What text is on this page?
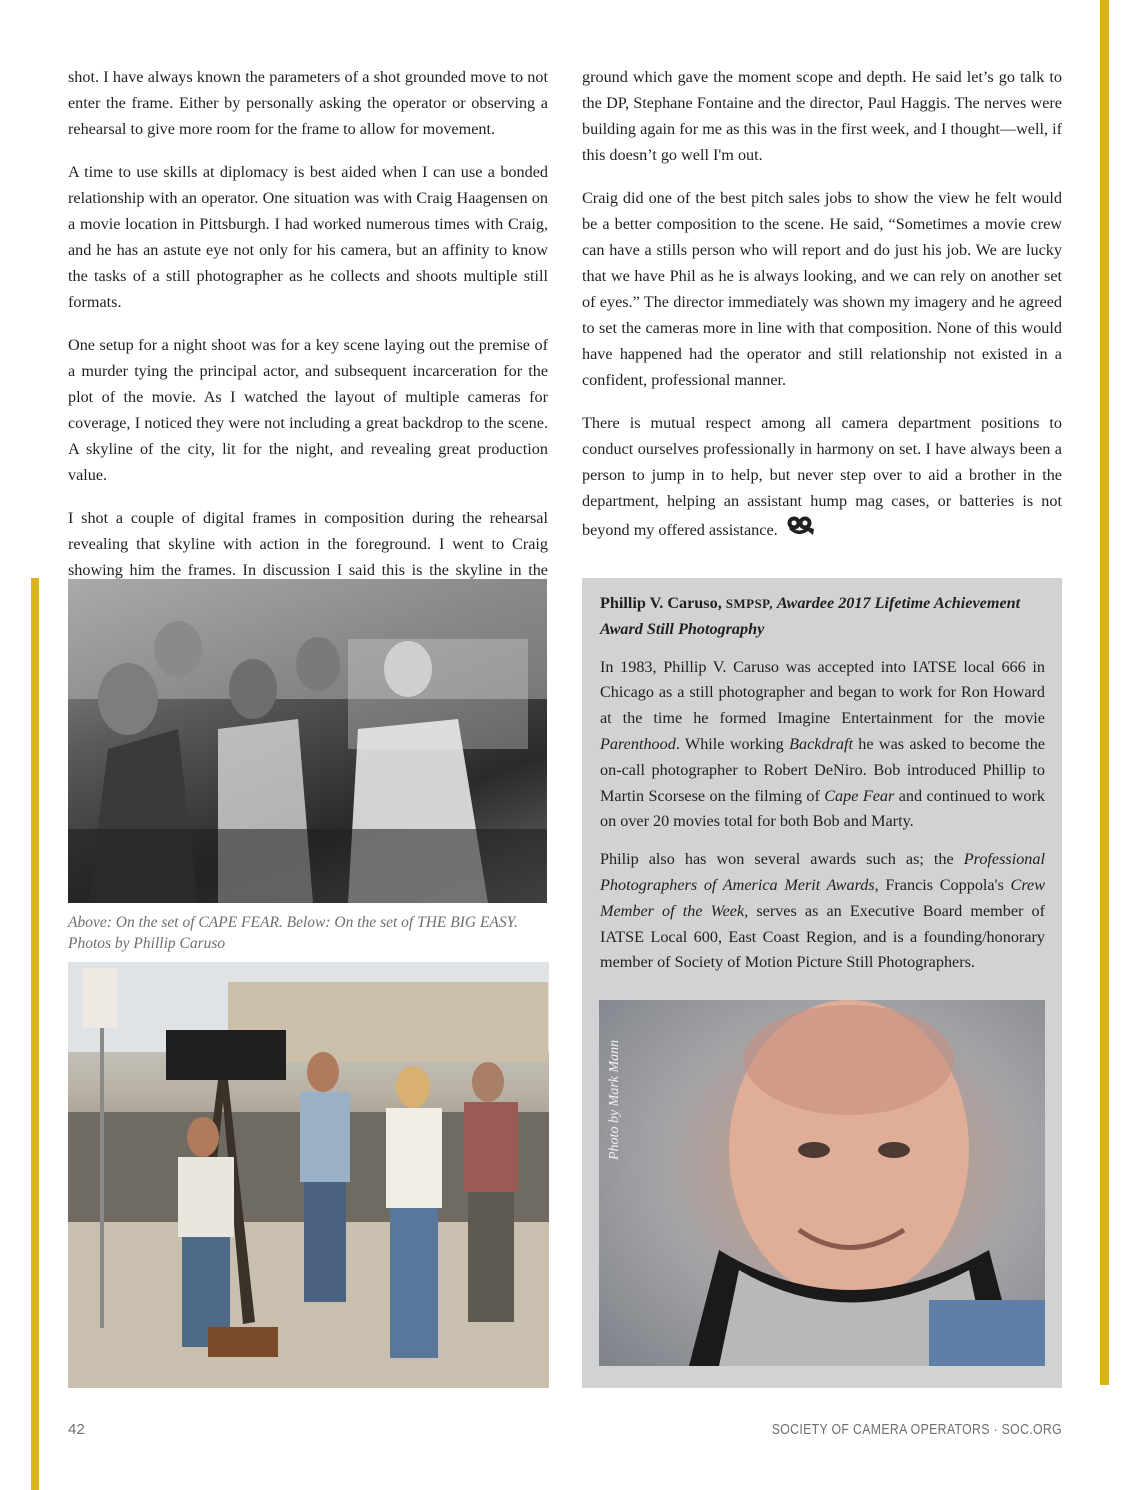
shot. I have always known the parameters of a shot grounded move to not enter the frame. Either by personally asking the operator or observing a rehearsal to give more room for the frame to allow for movement.

A time to use skills at diplomacy is best aided when I can use a bonded relationship with an operator. One situation was with Craig Haagensen on a movie location in Pittsburgh. I had worked numerous times with Craig, and he has an astute eye not only for his camera, but an affinity to know the tasks of a still photographer as he collects and shoots multiple still formats.

One setup for a night shoot was for a key scene laying out the premise of a murder tying the principal actor, and subsequent incarceration for the plot of the movie. As I watched the layout of multiple cameras for coverage, I noticed they were not including a great backdrop to the scene. A skyline of the city, lit for the night, and revealing great production value.

I shot a couple of digital frames in composition during the rehearsal revealing that skyline with action in the foreground. I went to Craig showing him the frames. In discussion I said this is the skyline in the

ground which gave the moment scope and depth. He said let’s go talk to the DP, Stephane Fontaine and the director, Paul Haggis. The nerves were building again for me as this was in the first week, and I thought—well, if this doesn’t go well I'm out.

Craig did one of the best pitch sales jobs to show the view he felt would be a better composition to the scene. He said, “Sometimes a movie crew can have a stills person who will report and do just his job. We are lucky that we have Phil as he is always looking, and we can rely on another set of eyes.” The director immediately was shown my imagery and he agreed to set the cameras more in line with that composition. None of this would have happened had the operator and still relationship not existed in a confident, professional manner.

There is mutual respect among all camera department positions to conduct ourselves professionally in harmony on set. I have always been a person to jump in to help, but never step over to aid a brother in the department, helping an assistant hump mag cases, or batteries is not beyond my offered assistance.

Above: On the set of CAPE FEAR. Below: On the set of THE BIG EASY. Photos by Phillip Caruso

Phillip V. Caruso, SMPSP, Awardee 2017 Lifetime Achievement Award Still Photography

In 1983, Phillip V. Caruso was accepted into IATSE local 666 in Chicago as a still photographer and began to work for Ron Howard at the time he formed Imagine Entertainment for the movie Parenthood. While working Backdraft he was asked to become the on-call photographer to Robert DeNiro. Bob introduced Phillip to Martin Scorsese on the filming of Cape Fear and continued to work on over 20 movies total for both Bob and Marty.

Philip also has won several awards such as; the Professional Photographers of America Merit Awards, Francis Coppola's Crew Member of the Week, serves as an Executive Board member of IATSE Local 600, East Coast Region, and is a founding/honorary member of Society of Motion Picture Still Photographers.

Photo by Mark Mann
42	SOCIETY OF CAMERA OPERATORS · SOC.ORG
